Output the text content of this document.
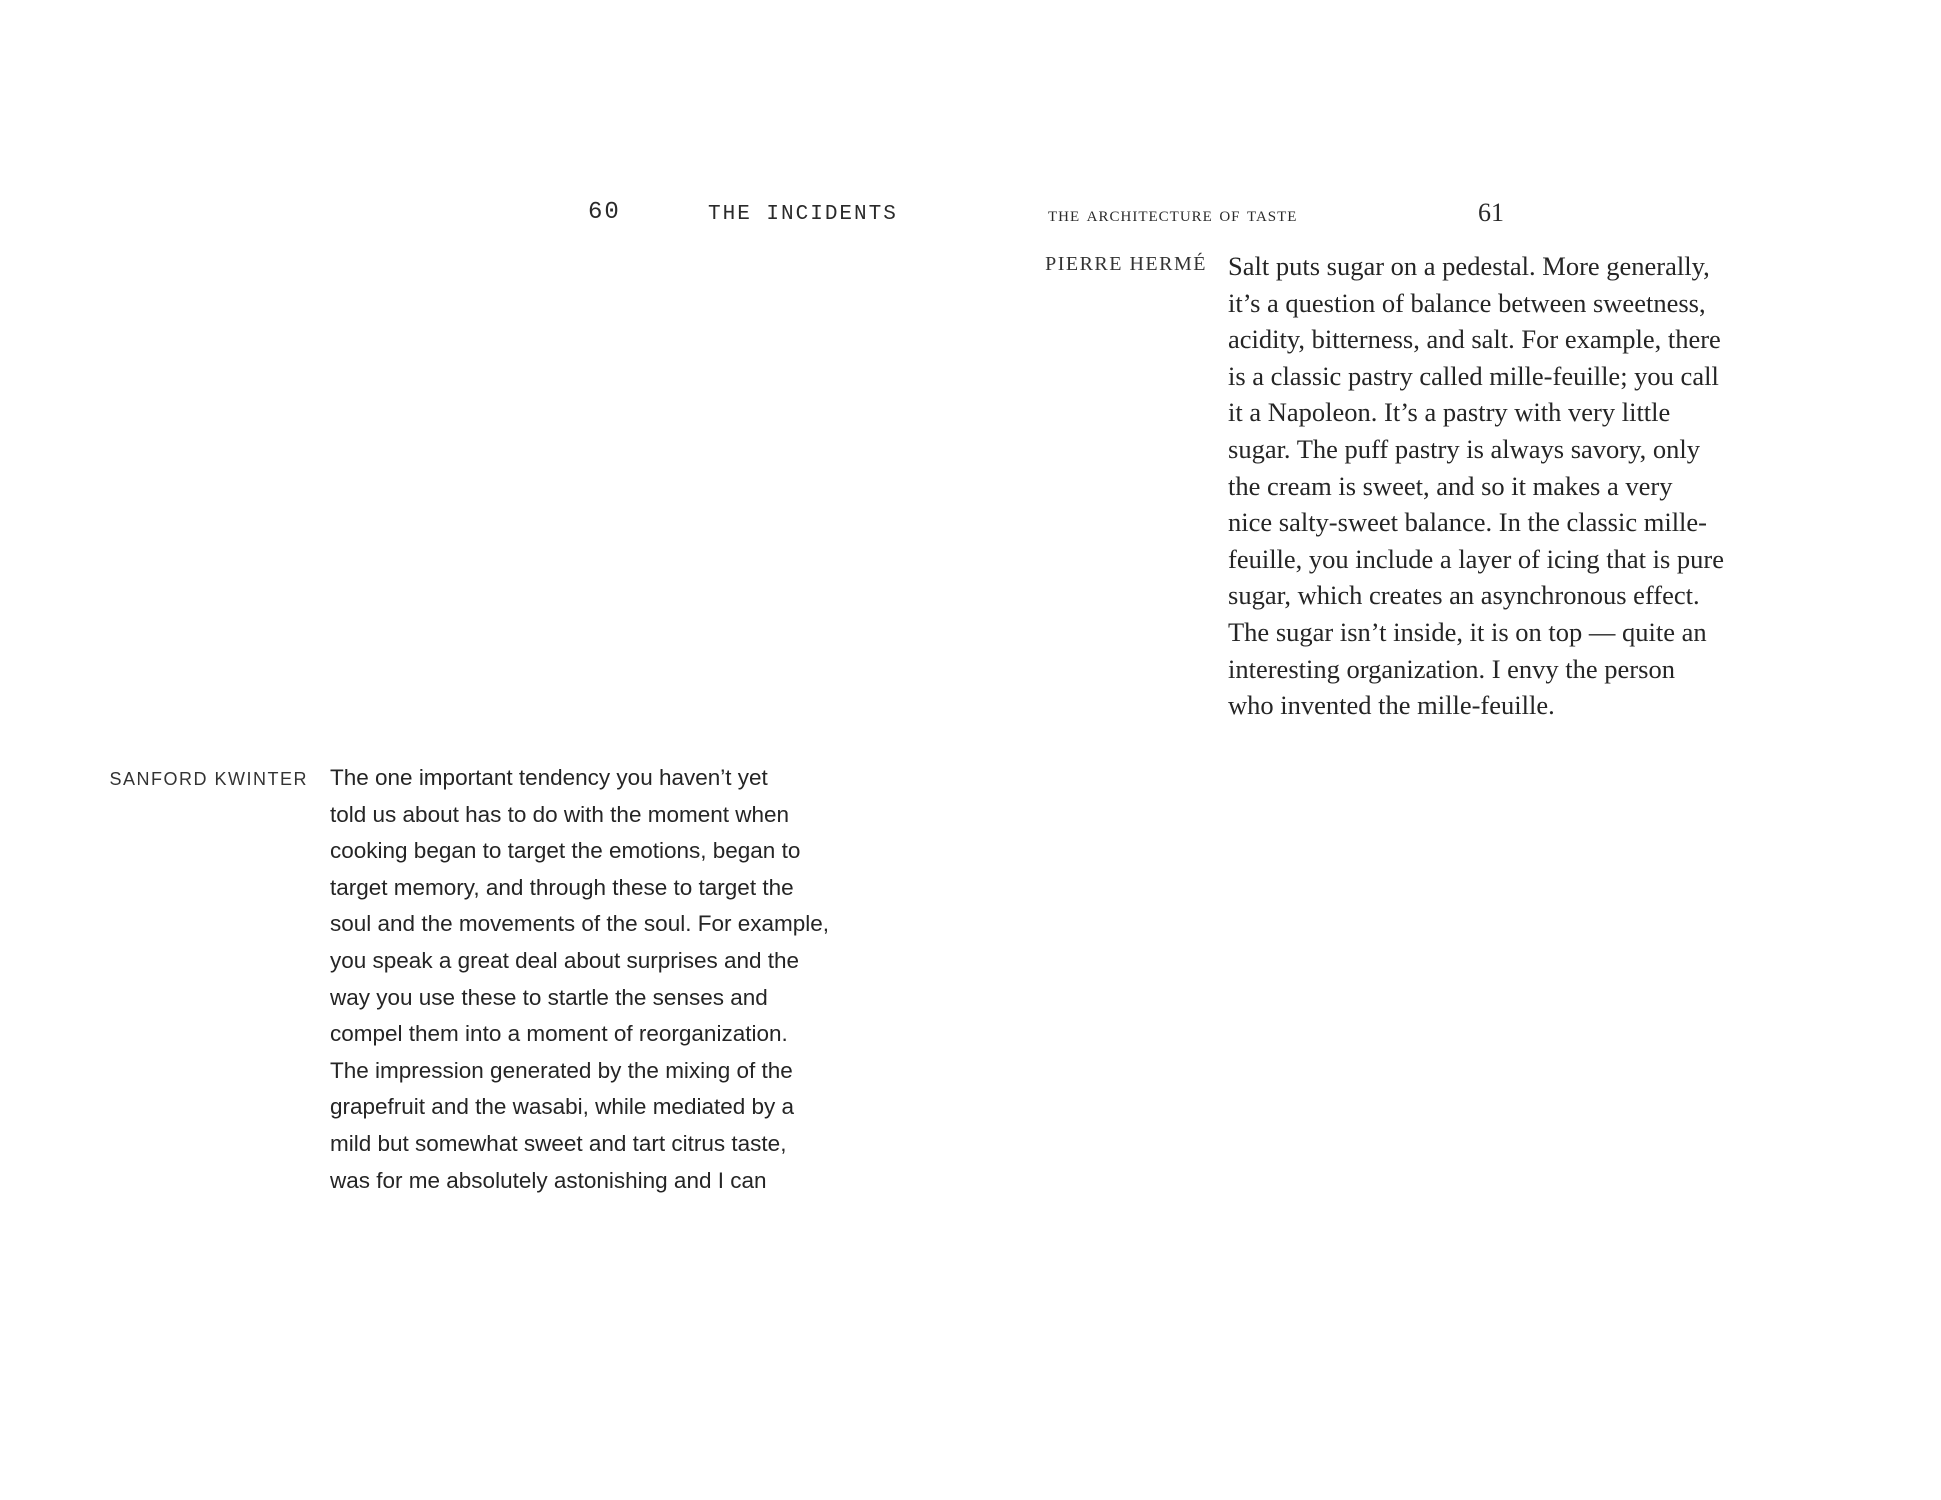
60	THE INCIDENTS	the architecture of taste	61
PIERRE HERMÉ Salt puts sugar on a pedestal. More generally,
it’s a question of balance between sweetness,
acidity, bitterness, and salt. For example, there
is a classic pastry called mille-feuille; you call
it a Napoleon. It’s a pastry with very little
sugar. The puff pastry is always savory, only
the cream is sweet, and so it makes a very
nice salty-sweet balance. In the classic mille-
feuille, you include a layer of icing that is pure
sugar, which creates an asynchronous effect.
The sugar isn’t inside, it is on top — quite an
interesting organization. I envy the person
who invented the mille-feuille.

SANFORD KWINTER The one important tendency you haven’t yet
told us about has to do with the moment when
cooking began to target the emotions, began to
target memory, and through these to target the
soul and the movements of the soul. For example,
you speak a great deal about surprises and the
way you use these to startle the senses and
compel them into a moment of reorganization.
The impression generated by the mixing of the
grapefruit and the wasabi, while mediated by a
mild but somewhat sweet and tart citrus taste,
was for me absolutely astonishing and I can
